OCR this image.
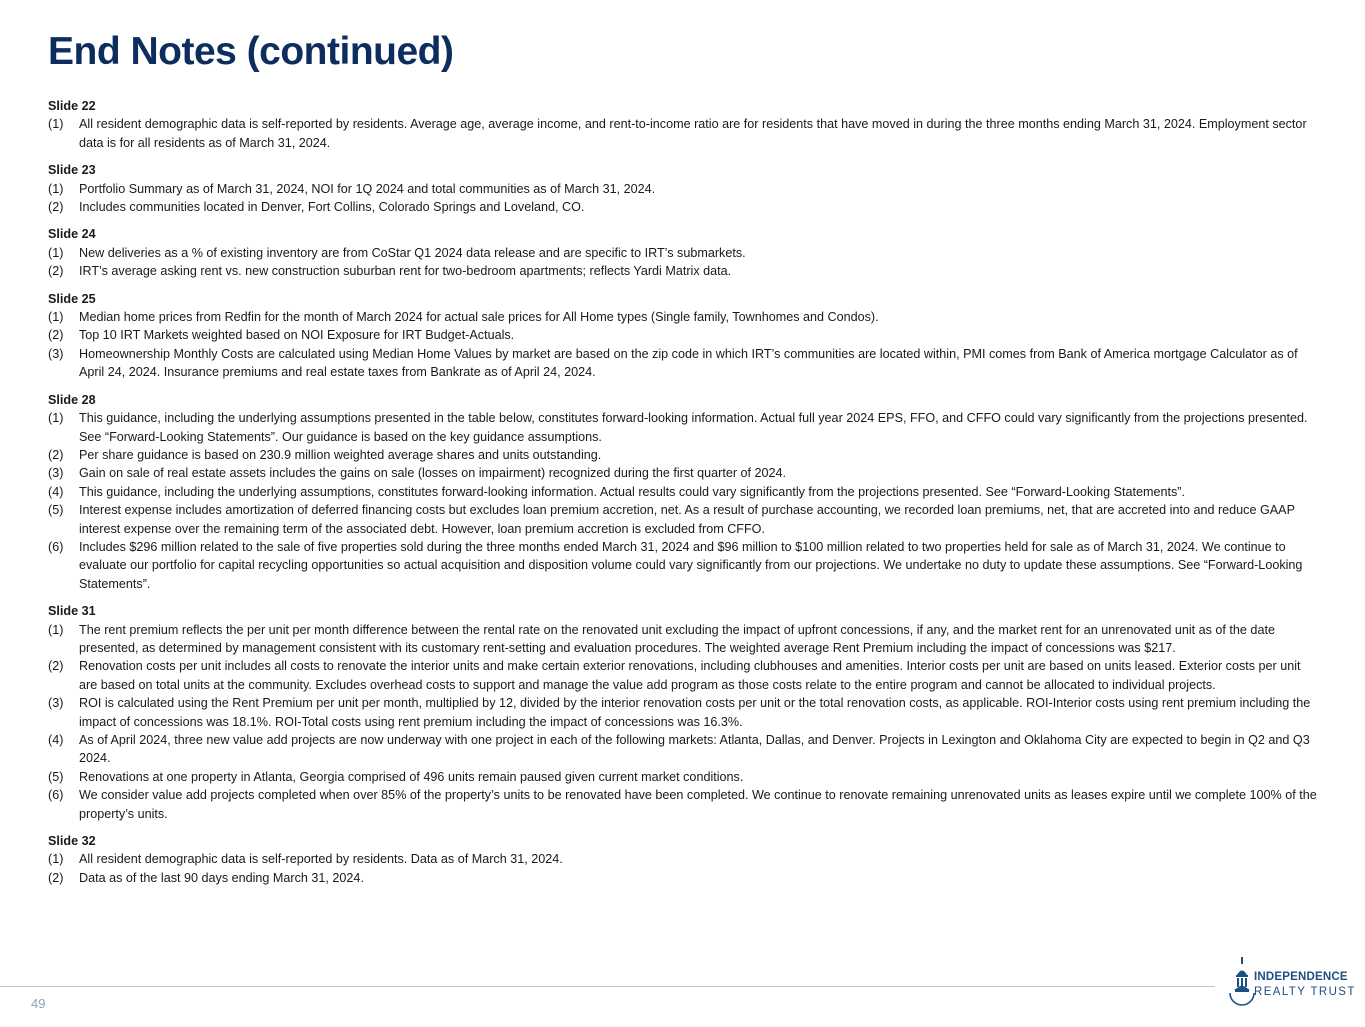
End Notes (continued)
Slide 22
(1)	All resident demographic data is self-reported by residents. Average age, average income, and rent-to-income ratio are for residents that have moved in during the three months ending March 31, 2024. Employment sector data is for all residents as of March 31, 2024.
Slide 23
(1)	Portfolio Summary as of March 31, 2024, NOI for 1Q 2024 and total communities as of March 31, 2024.
(2)	Includes communities located in Denver, Fort Collins, Colorado Springs and Loveland, CO.
Slide 24
(1)	New deliveries as a % of existing inventory are from CoStar Q1 2024 data release and are specific to IRT’s submarkets.
(2)	IRT’s average asking rent vs. new construction suburban rent for two-bedroom apartments; reflects Yardi Matrix data.
Slide 25
(1)	Median home prices from Redfin for the month of March 2024 for actual sale prices for All Home types (Single family, Townhomes and Condos).
(2)	Top 10 IRT Markets weighted based on NOI Exposure for IRT Budget-Actuals.
(3)	Homeownership Monthly Costs are calculated using Median Home Values by market are based on the zip code in which IRT’s communities are located within, PMI comes from Bank of America mortgage Calculator as of April 24, 2024. Insurance premiums and real estate taxes from Bankrate as of April 24, 2024.
Slide 28
(1)	This guidance, including the underlying assumptions presented in the table below, constitutes forward-looking information. Actual full year 2024 EPS, FFO, and CFFO could vary significantly from the projections presented. See “Forward-Looking Statements”. Our guidance is based on the key guidance assumptions.
(2)	Per share guidance is based on 230.9 million weighted average shares and units outstanding.
(3)	Gain on sale of real estate assets includes the gains on sale (losses on impairment) recognized during the first quarter of 2024.
(4)	This guidance, including the underlying assumptions, constitutes forward-looking information. Actual results could vary significantly from the projections presented. See “Forward-Looking Statements”.
(5)	Interest expense includes amortization of deferred financing costs but excludes loan premium accretion, net. As a result of purchase accounting, we recorded loan premiums, net, that are accreted into and reduce GAAP interest expense over the remaining term of the associated debt. However, loan premium accretion is excluded from CFFO.
(6)	Includes $296 million related to the sale of five properties sold during the three months ended March 31, 2024 and $96 million to $100 million related to two properties held for sale as of March 31, 2024. We continue to evaluate our portfolio for capital recycling opportunities so actual acquisition and disposition volume could vary significantly from our projections. We undertake no duty to update these assumptions. See “Forward-Looking Statements”.
Slide 31
(1)	The rent premium reflects the per unit per month difference between the rental rate on the renovated unit excluding the impact of upfront concessions, if any, and the market rent for an unrenovated unit as of the date presented, as determined by management consistent with its customary rent-setting and evaluation procedures. The weighted average Rent Premium including the impact of concessions was $217.
(2)	Renovation costs per unit includes all costs to renovate the interior units and make certain exterior renovations, including clubhouses and amenities. Interior costs per unit are based on units leased. Exterior costs per unit are based on total units at the community. Excludes overhead costs to support and manage the value add program as those costs relate to the entire program and cannot be allocated to individual projects.
(3)	ROI is calculated using the Rent Premium per unit per month, multiplied by 12, divided by the interior renovation costs per unit or the total renovation costs, as applicable. ROI-Interior costs using rent premium including the impact of concessions was 18.1%. ROI-Total costs using rent premium including the impact of concessions was 16.3%.
(4)	As of April 2024, three new value add projects are now underway with one project in each of the following markets: Atlanta, Dallas, and Denver. Projects in Lexington and Oklahoma City are expected to begin in Q2 and Q3 2024.
(5)	Renovations at one property in Atlanta, Georgia comprised of 496 units remain paused given current market conditions.
(6)	We consider value add projects completed when over 85% of the property’s units to be renovated have been completed. We continue to renovate remaining unrenovated units as leases expire until we complete 100% of the property’s units.
Slide 32
(1)	All resident demographic data is self-reported by residents. Data as of March 31, 2024.
(2)	Data as of the last 90 days ending March 31, 2024.
49
INDEPENDENCE
REALTY TRUST
